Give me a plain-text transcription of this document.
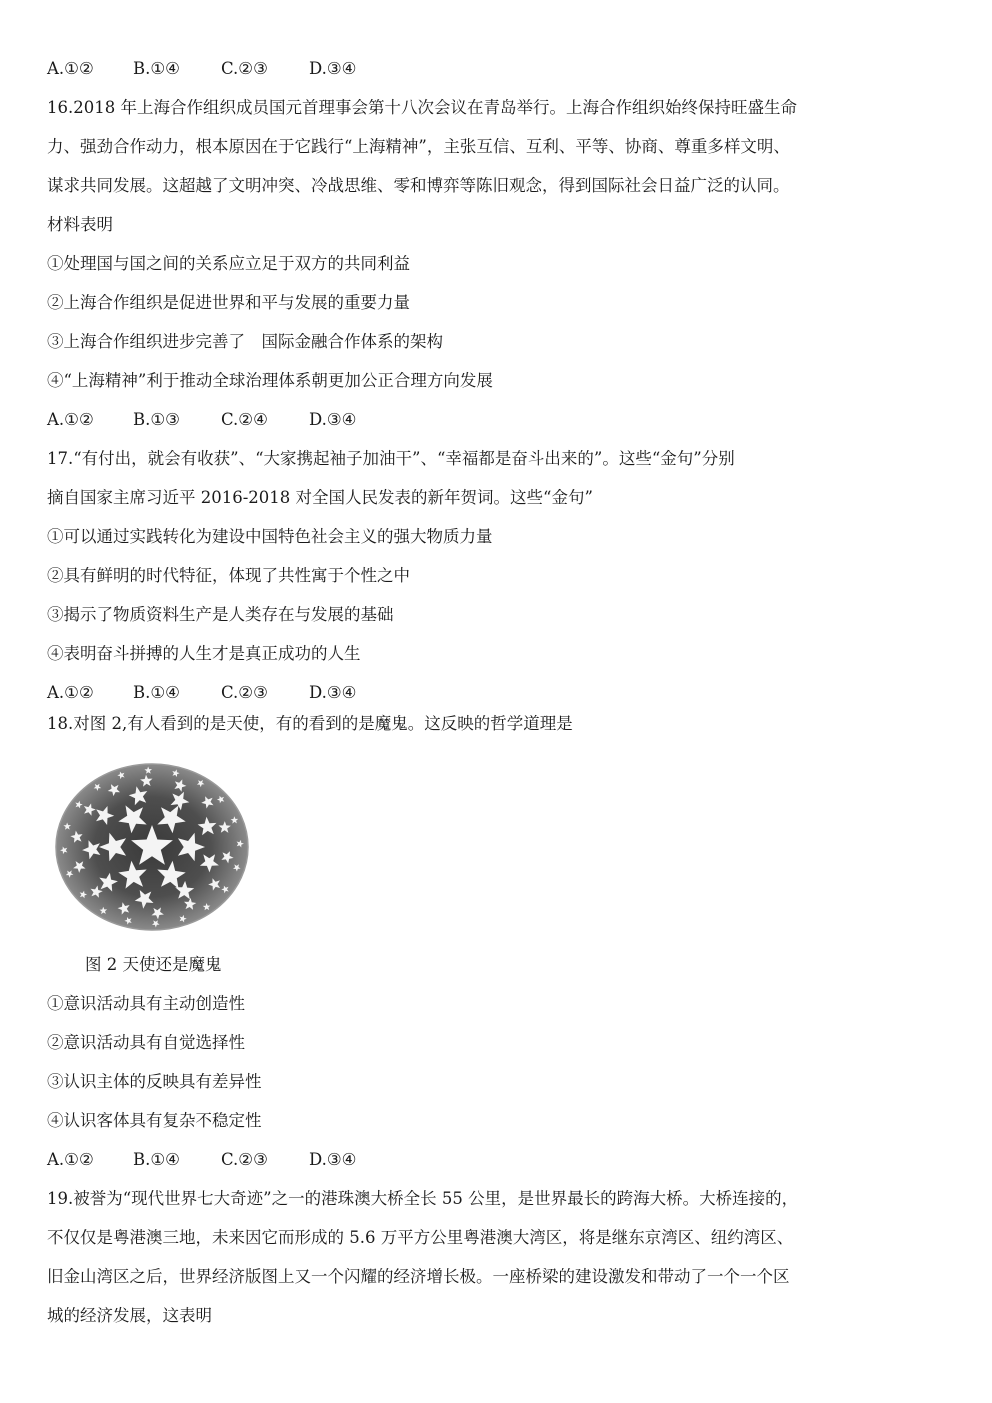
A.①② B.①④ C.②③ D.③④
16.2018 年上海合作组织成员国元首理事会第十八次会议在青岛举行。上海合作组织始终保持旺盛生命
力、强劲合作动力，根本原因在于它践行“上海精神”，主张互信、互利、平等、协商、尊重多样文明、
谋求共同发展。这超越了文明冲突、冷战思维、零和博弈等陈旧观念，得到国际社会日益广泛的认同。
材料表明
①处理国与国之间的关系应立足于双方的共同利益
②上海合作组织是促进世界和平与发展的重要力量
③上海合作组织进步完善了　国际金融合作体系的架构
④“上海精神”利于推动全球治理体系朝更加公正合理方向发展
A.①② B.①③ C.②④ D.③④
17.“有付出，就会有收获”、“大家携起袖子加油干”、“幸福都是奋斗出来的”。这些“金句”分别
摘自国家主席习近平 2016-2018 对全国人民发表的新年贺词。这些“金句”
①可以通过实践转化为建设中国特色社会主义的强大物质力量
②具有鲜明的时代特征，体现了共性寓于个性之中
③揭示了物质资料生产是人类存在与发展的基础
④表明奋斗拼搏的人生才是真正成功的人生
A.①② B.①④ C.②③ D.③④
18.对图 2,有人看到的是天使，有的看到的是魔鬼。这反映的哲学道理是
图 2 天使还是魔鬼
①意识活动具有主动创造性
②意识活动具有自觉选择性
③认识主体的反映具有差异性
④认识客体具有复杂不稳定性
A.①② B.①④ C.②③ D.③④
19.被誉为“现代世界七大奇迹”之一的港珠澳大桥全长 55 公里，是世界最长的跨海大桥。大桥连接的，
不仅仅是粤港澳三地，未来因它而形成的 5.6 万平方公里粤港澳大湾区，将是继东京湾区、纽约湾区、
旧金山湾区之后，世界经济版图上又一个闪耀的经济增长极。一座桥梁的建设激发和带动了一个一个区
城的经济发展，这表明
